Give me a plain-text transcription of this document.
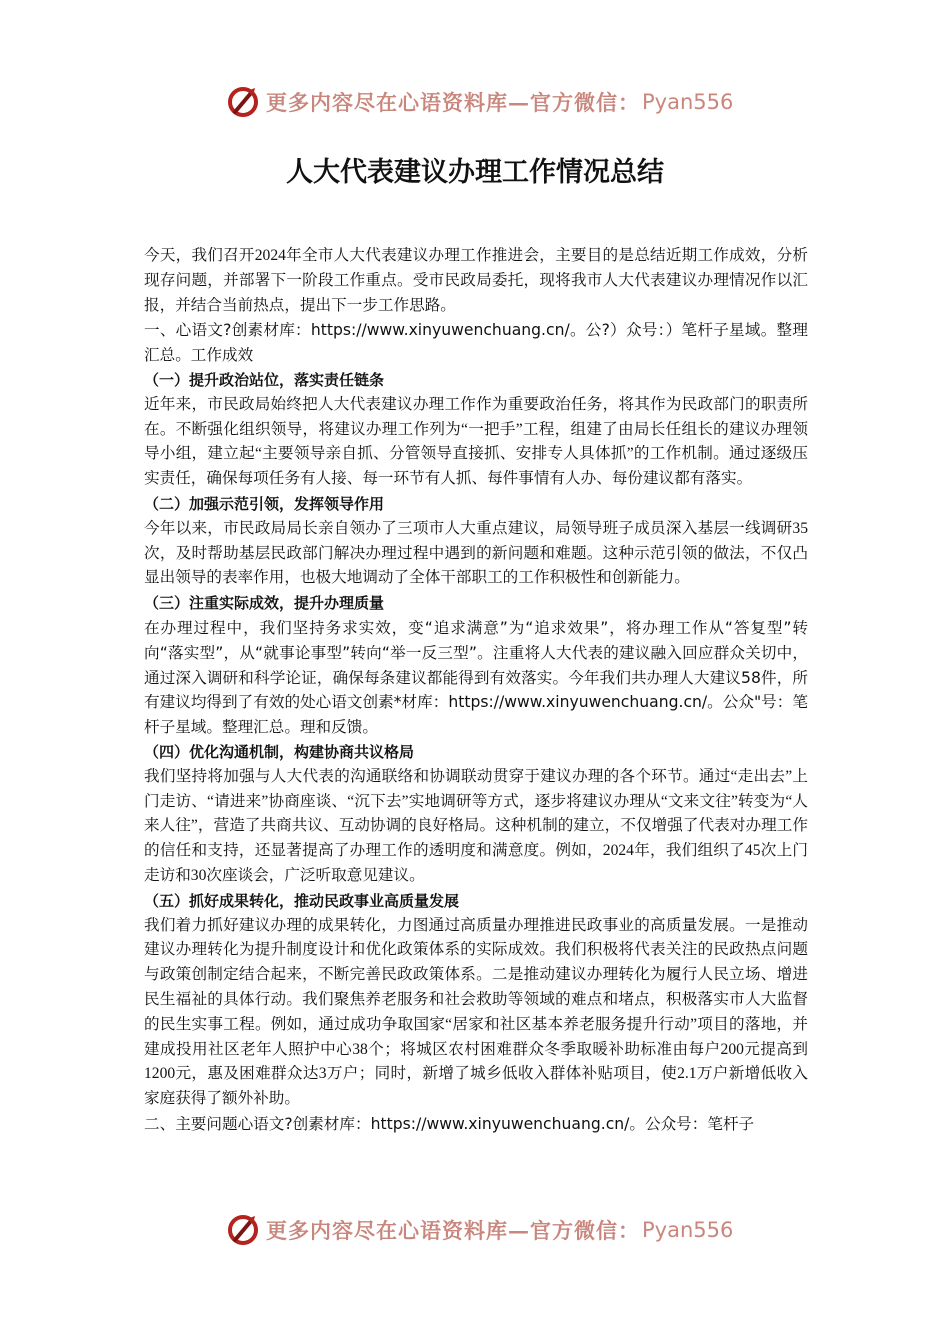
更多内容尽在心语资料库—官方微信： Pyan556
人大代表建议办理工作情况总结

今天，我们召开2024年全市人大代表建议办理工作推进会，主要目的是总结近期工作成效，分析现存问题，并部署下一阶段工作重点。受市民政局委托，现将我市人大代表建议办理情况作以汇报，并结合当前热点，提出下一步工作思路。

一、心语文?创素材库：https://www.xinyuwenchuang.cn/。公?）众号：）笔杆子星域。整理汇总。工作成效

（一）提升政治站位，落实责任链条

近年来，市民政局始终把人大代表建议办理工作作为重要政治任务，将其作为民政部门的职责所在。不断强化组织领导，将建议办理工作列为“一把手”工程，组建了由局长任组长的建议办理领导小组，建立起“主要领导亲自抓、分管领导直接抓、安排专人具体抓”的工作机制。通过逐级压实责任，确保每项任务有人接、每一环节有人抓、每件事情有人办、每份建议都有落实。

（二）加强示范引领，发挥领导作用

今年以来，市民政局局长亲自领办了三项市人大重点建议，局领导班子成员深入基层一线调研35次，及时帮助基层民政部门解决办理过程中遇到的新问题和难题。这种示范引领的做法，不仅凸显出领导的表率作用，也极大地调动了全体干部职工的工作积极性和创新能力。

（三）注重实际成效，提升办理质量

在办理过程中，我们坚持务求实效，变“追求满意”为“追求效果”，将办理工作从“答复型”转向“落实型”，从“就事论事型”转向“举一反三型”。注重将人大代表的建议融入回应群众关切中，通过深入调研和科学论证，确保每条建议都能得到有效落实。今年我们共办理人大建议58件，所有建议均得到了有效的处心语文创素*材库：https://www.xinyuwenchuang.cn/。公众"号：笔杆子星域。整理汇总。理和反馈。

（四）优化沟通机制，构建协商共议格局

我们坚持将加强与人大代表的沟通联络和协调联动贯穿于建议办理的各个环节。通过“走出去”上门走访、“请进来”协商座谈、“沉下去”实地调研等方式，逐步将建议办理从“文来文往”转变为“人来人往”，营造了共商共议、互动协调的良好格局。这种机制的建立，不仅增强了代表对办理工作的信任和支持，还显著提高了办理工作的透明度和满意度。例如，2024年，我们组织了45次上门走访和30次座谈会，广泛听取意见建议。

（五）抓好成果转化，推动民政事业高质量发展

我们着力抓好建议办理的成果转化，力图通过高质量办理推进民政事业的高质量发展。一是推动建议办理转化为提升制度设计和优化政策体系的实际成效。我们积极将代表关注的民政热点问题与政策创制定结合起来，不断完善民政政策体系。二是推动建议办理转化为履行人民立场、增进民生福祉的具体行动。我们聚焦养老服务和社会救助等领域的难点和堵点，积极落实市人大监督的民生实事工程。例如，通过成功争取国家“居家和社区基本养老服务提升行动”项目的落地，并建成投用社区老年人照护中心38个；将城区农村困难群众冬季取暖补助标准由每户200元提高到1200元，惠及困难群众达3万户；同时，新增了城乡低收入群体补贴项目，使2.1万户新增低收入家庭获得了额外补助。

二、主要问题心语文?创素材库：https://www.xinyuwenchuang.cn/。公众号：笔杆子

更多内容尽在心语资料库—官方微信： Pyan556
